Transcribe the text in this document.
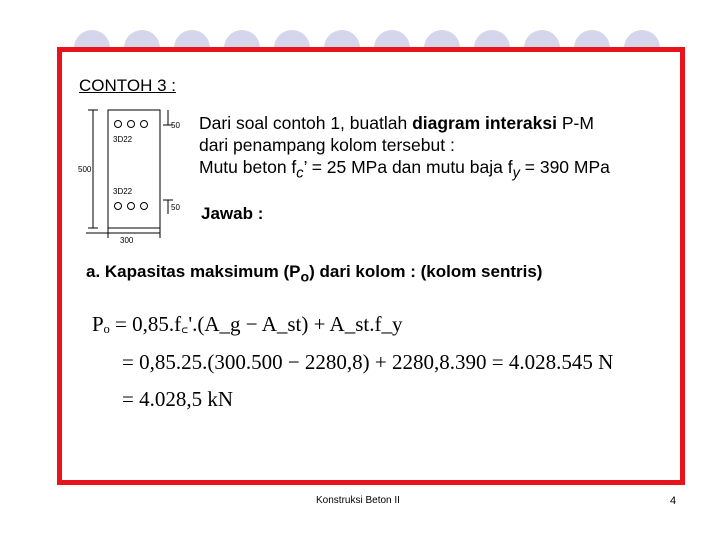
CONTOH 3 :
3D22
3D22
500
300
50
50
Dari soal contoh 1, buatlah diagram interaksi P-M
dari penampang kolom tersebut :
Mutu beton $f_c$’ = 25 MPa dan mutu baja $f_y = 390$ MPa
Jawab :
a. Kapasitas maksimum $(P_o)$ dari kolom : (kolom sentris)
Pₒ = 0,85.f꜀'.(A_g − A_st) + A_st.f_y
= 0,85.25.(300.500 − 2280,8) + 2280,8.390 = 4.028.545 N
= 4.028,5 kN
Konstruksi Beton II	4
